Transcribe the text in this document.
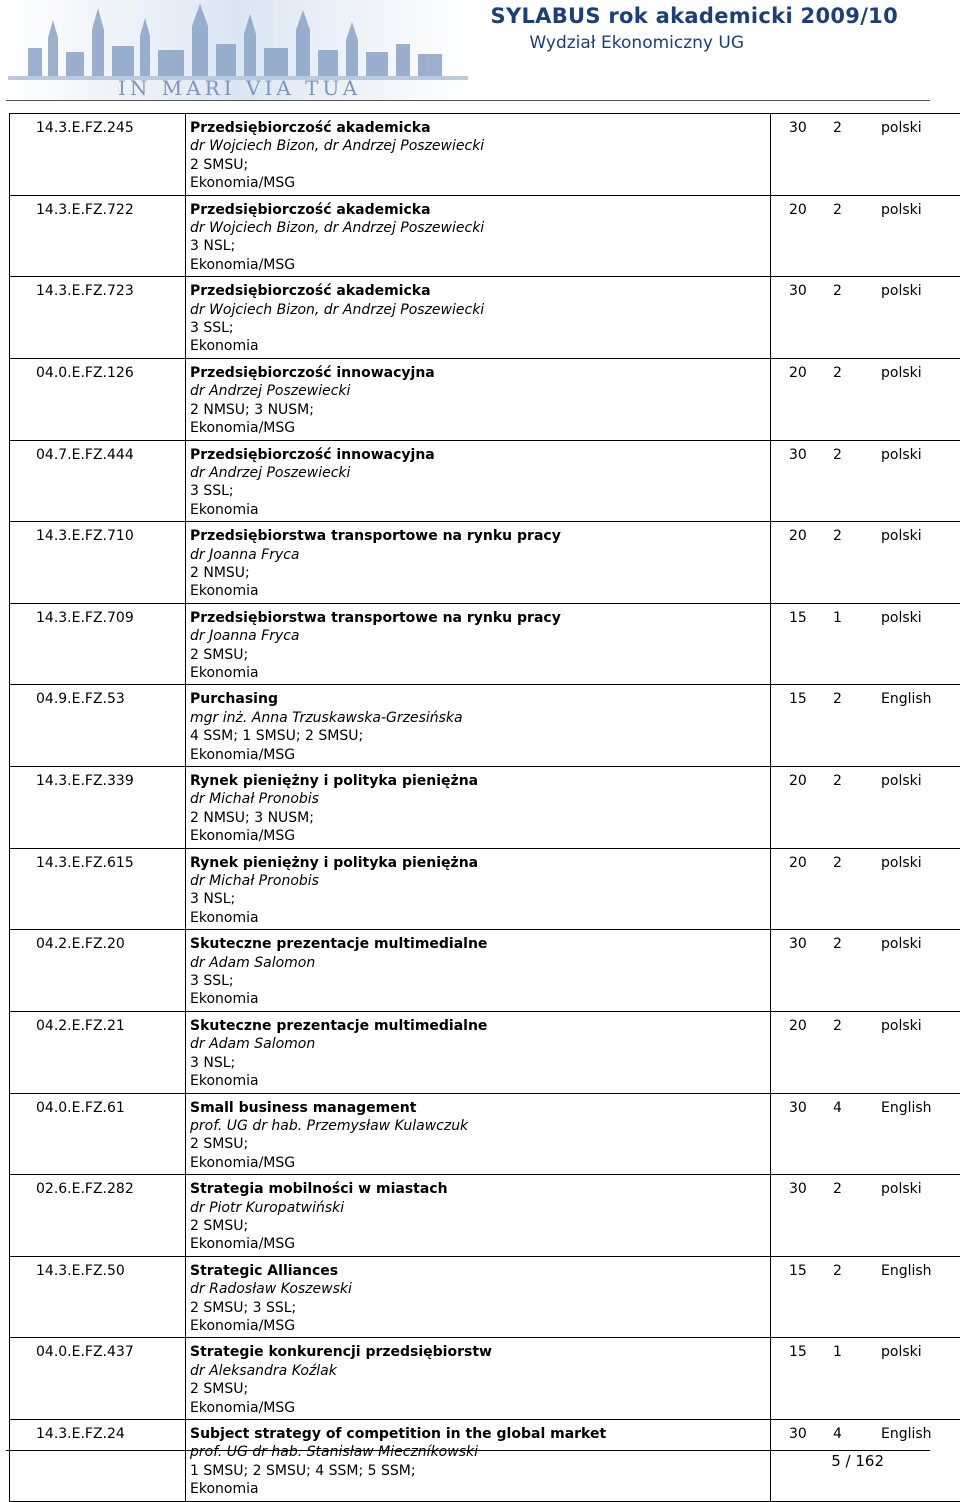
IN MARI VIA TUA
SYLABUS rok akademicki 2009/10
Wydział Ekonomiczny UG
14.3.E.FZ.245	Przedsiębiorczość akademicka
dr Wojciech Bizon, dr Andrzej Poszewiecki
2 SMSU;
Ekonomia/MSG	30 2 polski
14.3.E.FZ.722	Przedsiębiorczość akademicka
dr Wojciech Bizon, dr Andrzej Poszewiecki
3 NSL;
Ekonomia/MSG	20 2 polski
14.3.E.FZ.723	Przedsiębiorczość akademicka
dr Wojciech Bizon, dr Andrzej Poszewiecki
3 SSL;
Ekonomia	30 2 polski
04.0.E.FZ.126	Przedsiębiorczość innowacyjna
dr Andrzej Poszewiecki
2 NMSU; 3 NUSM;
Ekonomia/MSG	20 2 polski
04.7.E.FZ.444	Przedsiębiorczość innowacyjna
dr Andrzej Poszewiecki
3 SSL;
Ekonomia	30 2 polski
14.3.E.FZ.710	Przedsiębiorstwa transportowe na rynku pracy
dr Joanna Fryca
2 NMSU;
Ekonomia	20 2 polski
14.3.E.FZ.709	Przedsiębiorstwa transportowe na rynku pracy
dr Joanna Fryca
2 SMSU;
Ekonomia	15 1 polski
04.9.E.FZ.53	Purchasing
mgr inż. Anna Trzuskawska-Grzesińska
4 SSM; 1 SMSU; 2 SMSU;
Ekonomia/MSG	15 2 English
14.3.E.FZ.339	Rynek pieniężny i polityka pieniężna
dr Michał Pronobis
2 NMSU; 3 NUSM;
Ekonomia/MSG	20 2 polski
14.3.E.FZ.615	Rynek pieniężny i polityka pieniężna
dr Michał Pronobis
3 NSL;
Ekonomia	20 2 polski
04.2.E.FZ.20	Skuteczne prezentacje multimedialne
dr Adam Salomon
3 SSL;
Ekonomia	30 2 polski
04.2.E.FZ.21	Skuteczne prezentacje multimedialne
dr Adam Salomon
3 NSL;
Ekonomia	20 2 polski
04.0.E.FZ.61	Small business management
prof. UG dr hab. Przemysław Kulawczuk
2 SMSU;
Ekonomia/MSG	30 4 English
02.6.E.FZ.282	Strategia mobilności w miastach
dr Piotr Kuropatwiński
2 SMSU;
Ekonomia/MSG	30 2 polski
14.3.E.FZ.50	Strategic Alliances
dr Radosław Koszewski
2 SMSU; 3 SSL;
Ekonomia/MSG	15 2 English
04.0.E.FZ.437	Strategie konkurencji przedsiębiorstw
dr Aleksandra Koźlak
2 SMSU;
Ekonomia/MSG	15 1 polski
14.3.E.FZ.24	Subject strategy of competition in the global market
prof. UG dr hab. Stanisław Mieczníkowski
1 SMSU; 2 SMSU; 4 SSM; 5 SSM;
Ekonomia	30 4 English
5 / 162
